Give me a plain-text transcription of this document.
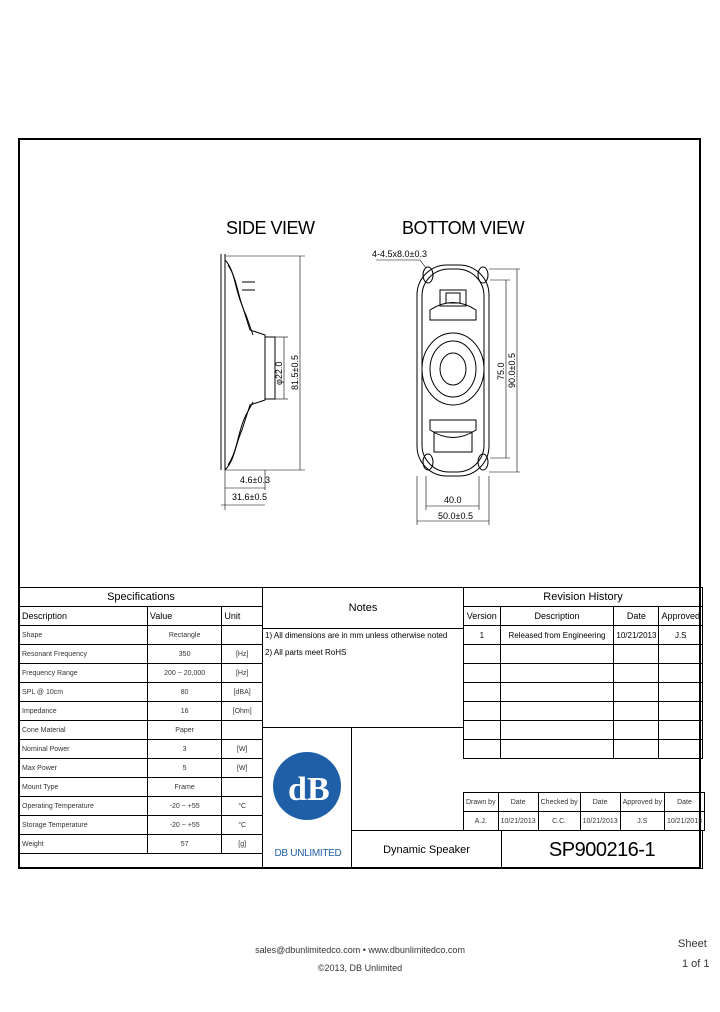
4-4.5x8.0±0.3
φ22.0 81.5±0.5
4.6±0.3
31.6±0.5
75.0 90.0±0.5
40.0
50.0±0.5
SIDE VIEW	BOTTOM VIEW
Specifications		
Description	Value	Unit
Shape	Rectangle	
Resonant Frequency	350	[Hz]
Frequency Range	200 ~ 20,000	[Hz]
SPL @ 10cm	80	[dBA]
Impedance	16	[Ohm]
Cone Material	Paper	
Nominal Power	3	[W]
Max Power	5	[W]
Mount Type	Frame	
Operating Temperature	-20 ~ +55	°C
Storage Temperature	-20 ~ +55	°C
Weight	57	[g]
Notes
1) All dimensions are in mm unless otherwise noted
2) All parts meet RoHS
d B
DB UNLIMITED	Dynamic Speaker
Revision History			
Version	Description	Date	Approved
1	Released from Engineering	10/21/2013	J.S

Drawn by	Date	Checked by	Date	Approved by	Date
A.J.	10/21/2013	C.C.	10/21/2013	J.S	10/21/2013
SP900216-1
sales@dbunlimitedco.com • www.dbunlimitedco.com
©2013, DB Unlimited
Sheet
1 of 1
